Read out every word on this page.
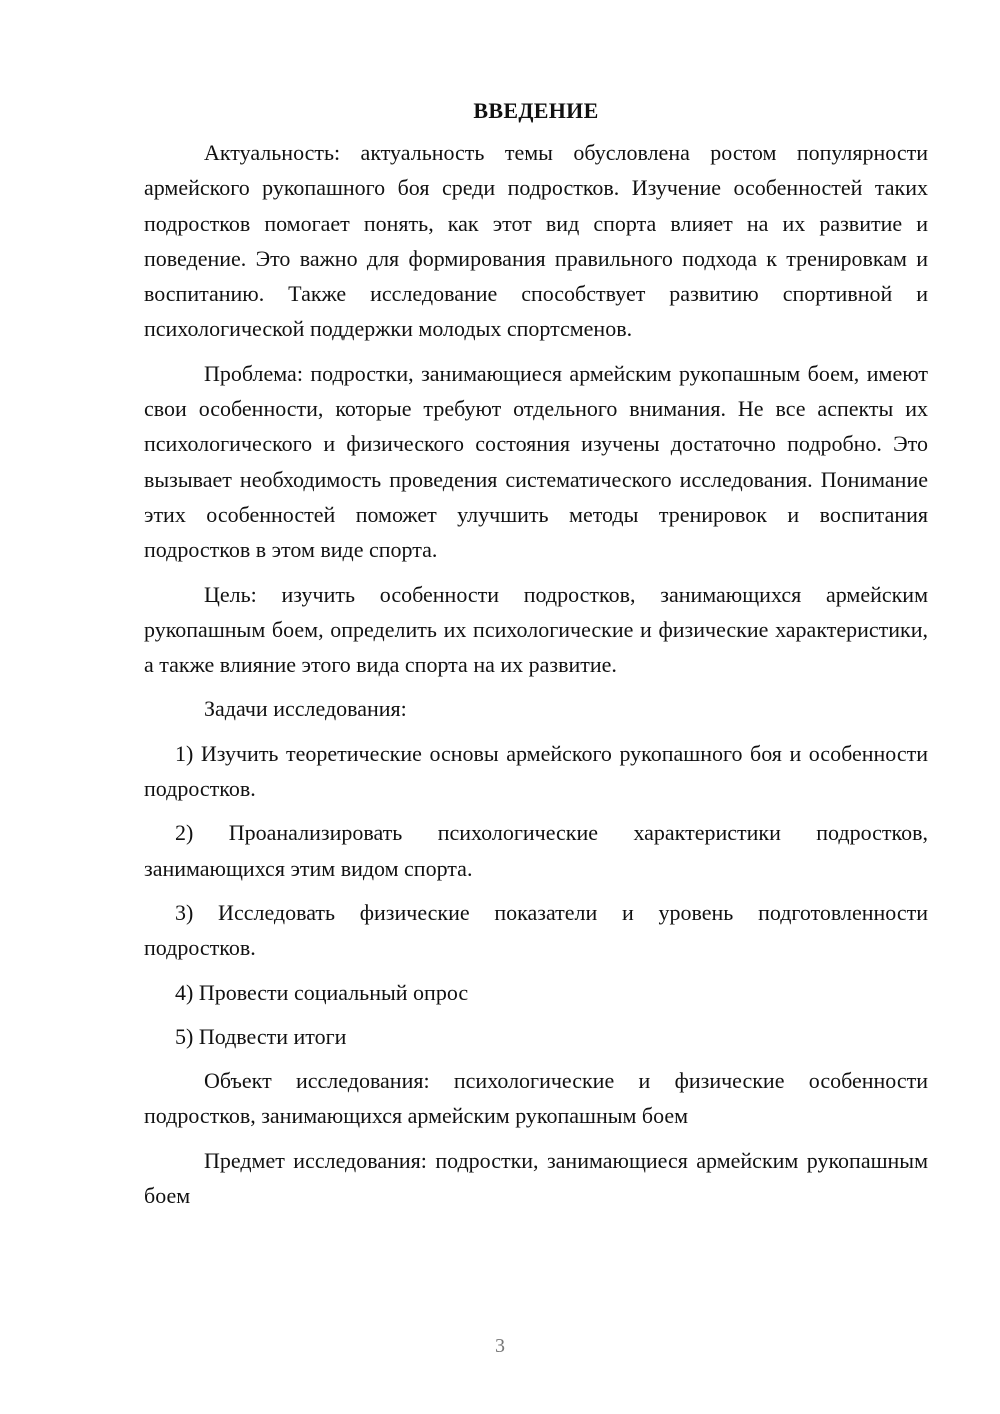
ВВЕДЕНИЕ

Актуальность: актуальность темы обусловлена ростом популярности армейского рукопашного боя среди подростков. Изучение особенностей таких подростков помогает понять, как этот вид спорта влияет на их развитие и поведение. Это важно для формирования правильного подхода к тренировкам и воспитанию. Также исследование способствует развитию спортивной и психологической поддержки молодых спортсменов.

Проблема: подростки, занимающиеся армейским рукопашным боем, имеют свои особенности, которые требуют отдельного внимания. Не все аспекты их психологического и физического состояния изучены достаточно подробно. Это вызывает необходимость проведения систематического исследования. Понимание этих особенностей поможет улучшить методы тренировок и воспитания подростков в этом виде спорта.

Цель: изучить особенности подростков, занимающихся армейским рукопашным боем, определить их психологические и физические характеристики, а также влияние этого вида спорта на их развитие.

Задачи исследования:

1) Изучить теоретические основы армейского рукопашного боя и особенности подростков.

2) Проанализировать психологические характеристики подростков, занимающихся этим видом спорта.

3) Исследовать физические показатели и уровень подготовленности подростков.

4) Провести социальный опрос

5) Подвести итоги

Объект исследования: психологические и физические особенности подростков, занимающихся армейским рукопашным боем

Предмет исследования: подростки, занимающиеся армейским рукопашным боем

3
